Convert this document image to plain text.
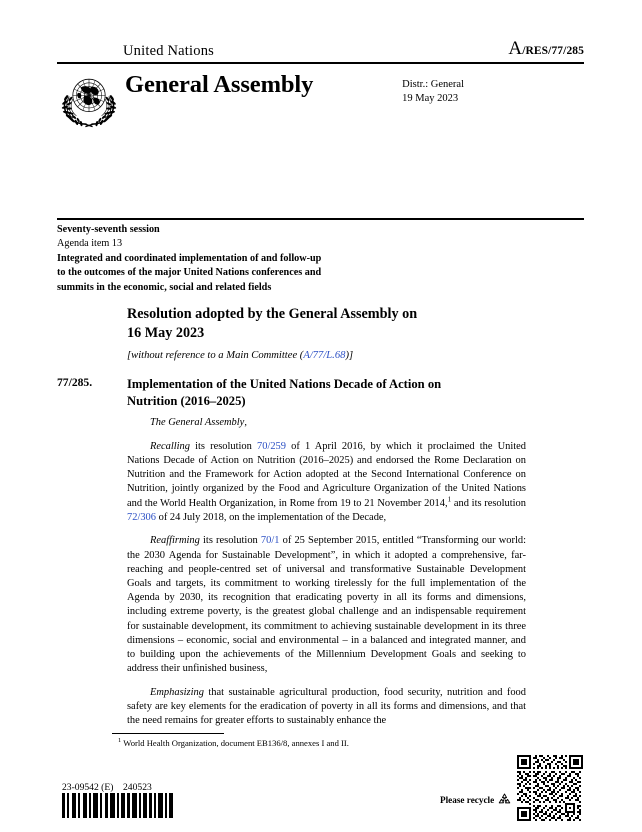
United Nations	A/RES/77/285
General Assembly	Distr.: General
19 May 2023
Seventy-seventh session
Agenda item 13
Integrated and coordinated implementation of and follow-up
to the outcomes of the major United Nations conferences and
summits in the economic, social and related fields
Resolution adopted by the General Assembly on
16 May 2023
[without reference to a Main Committee (A/77/L.68)]
77/285.	Implementation of the United Nations Decade of Action on Nutrition (2016–2025)

The General Assembly,

Recalling its resolution 70/259 of 1 April 2016, by which it proclaimed the United Nations Decade of Action on Nutrition (2016–2025) and endorsed the Rome Declaration on Nutrition and the Framework for Action adopted at the Second International Conference on Nutrition, jointly organized by the Food and Agriculture Organization of the United Nations and the World Health Organization, in Rome from 19 to 21 November 2014,$^1$ and its resolution 72/306 of 24 July 2018, on the implementation of the Decade,

Reaffirming its resolution 70/1 of 25 September 2015, entitled “Transforming our world: the 2030 Agenda for Sustainable Development”, in which it adopted a comprehensive, far-reaching and people-centred set of universal and transformative Sustainable Development Goals and targets, its commitment to working tirelessly for the full implementation of the Agenda by 2030, its recognition that eradicating poverty in all its forms and dimensions, including extreme poverty, is the greatest global challenge and an indispensable requirement for sustainable development, its commitment to achieving sustainable development in its three dimensions – economic, social and environmental – in a balanced and integrated manner, and to building upon the achievements of the Millennium Development Goals and seeking to address their unfinished business,

Emphasizing that sustainable agricultural production, food security, nutrition and food safety are key elements for the eradication of poverty in all its forms and dimensions, and that the need remains for greater efforts to sustainably enhance the

$^1$ World Health Organization, document EB136/8, annexes I and II.
23-09542 (E)    240523
Please recycle
